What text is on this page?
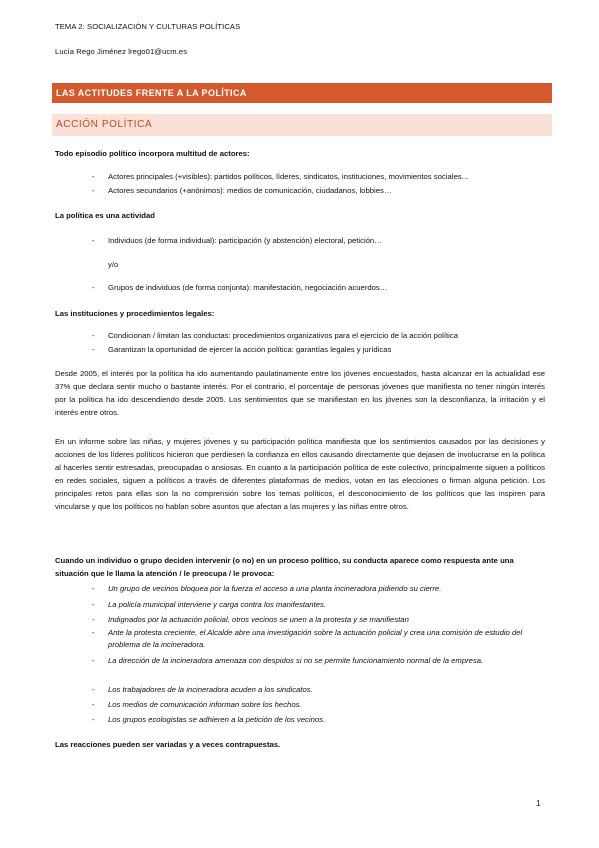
TEMA 2: SOCIALIZACIÓN Y CULTURAS POLÍTICAS
Lucía Rego Jiménez lrego01@ucm.es
LAS ACTITUDES FRENTE A LA POLÍTICA
ACCIÓN POLÍTICA
Todo episodio político incorpora multitud de actores:
- Actores principales (+visibles): partidos políticos, líderes, sindicatos, instituciones, movimientos sociales…
- Actores secundarios (+anónimos): medios de comunicación, ciudadanos, lobbies…
La política es una actividad
- Individuos (de forma individual): participación (y abstención) electoral, petición…
y/o
- Grupos de individuos (de forma conjunta): manifestación, negociación acuerdos…
Las instituciones y procedimientos legales:
- Condicionan / limitan las conductas: procedimientos organizativos para el ejercicio de la acción política
- Garantizan la oportunidad de ejercer la acción política: garantías legales y jurídicas
Desde 2005, el interés por la política ha ido aumentando paulatinamente entre los jóvenes encuestados, hasta alcanzar en la actualidad ese 37% que declara sentir mucho o bastante interés. Por el contrario, el porcentaje de personas jóvenes que manifiesta no tener ningún interés por la política ha ido descendiendo desde 2005. Los sentimientos que se manifiestan en los jóvenes son la desconfianza, la irritación y el interés entre otros.
En un informe sobre las niñas, y mujeres jóvenes y su participación política manifiesta que los sentimientos causados por las decisiones y acciones de los líderes políticos hicieron que perdiesen la confianza en ellos causando directamente que dejasen de involucrarse en la política al hacerles sentir estresadas, preocupadas o ansiosas. En cuanto a la participación política de este colectivo, principalmente siguen a políticos en redes sociales, siguen a políticos a través de diferentes plataformas de medios, votan en las elecciones o firman alguna petición. Los principales retos para ellas son la no comprensión sobre los temas políticos, el desconocimiento de los políticos que las inspiren para vincularse y que los políticos no hablan sobre asuntos que afectan a las mujeres y las niñas entre otros.
Cuando un individuo o grupo deciden intervenir (o no) en un proceso político, su conducta aparece como respuesta ante una situación que le llama la atención / le preocupa / le provoca:
- Un grupo de vecinos bloquea por la fuerza el acceso a una planta incineradora pidiendo su cierre.
- La policía municipal interviene y carga contra los manifestantes.
- Indignados por la actuación policial, otros vecinos se unen a la protesta y se manifiestan
- Ante la protesta creciente, el Alcalde abre una investigación sobre la actuación policial y crea una comisión de estudio del problema de la incineradora.
- La dirección de la incineradora amenaza con despidos si no se permite funcionamiento normal de la empresa.
- Los trabajadores de la incineradora acuden a los sindicatos.
- Los medios de comunicación informan sobre los hechos.
- Los grupos ecologistas se adhieren a la petición de los vecinos.
Las reacciones pueden ser variadas y a veces contrapuestas.
1
